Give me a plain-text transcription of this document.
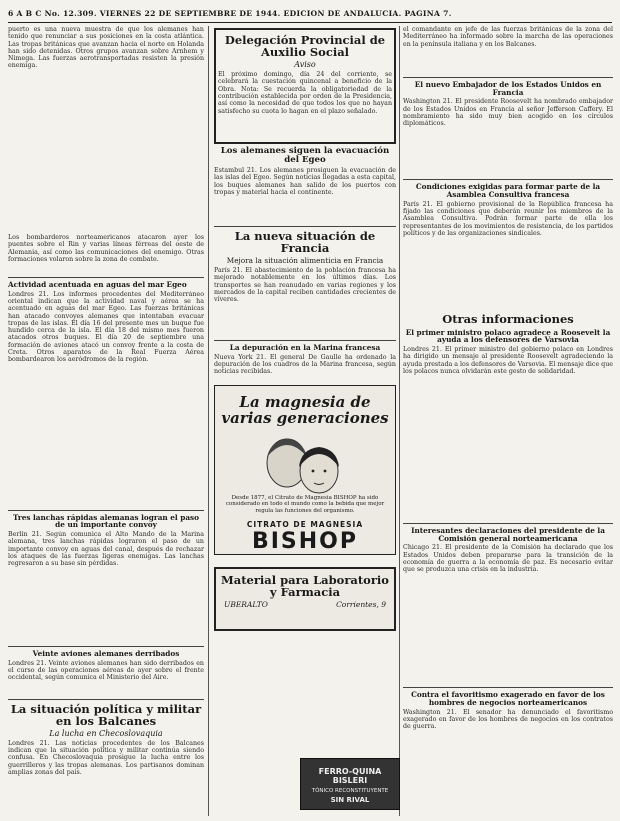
6 A B C No. 12.309. VIERNES 22 DE SEPTIEMBRE DE 1944. EDICION DE ANDALUCIA. PAGINA 7.

puerto es una nueva muestra de que los alemanes han tenido que renunciar a sus posiciones en la costa atlántica. Las tropas británicas que avanzan hacia el norte en Holanda han sido detenidas. Otros grupos avanzan sobre Arnhem y Nimega. Las fuerzas aerotransportadas resisten la presión enemiga.

Los bombarderos norteamericanos atacaron ayer los puentes sobre el Rin y varias líneas férreas del oeste de Alemania, así como las comunicaciones del enemigo. Otras formaciones volaron sobre la zona de combate.

Actividad acentuada en aguas del mar Egeo

Londres 21. Los informes procedentes del Mediterráneo oriental indican que la actividad naval y aérea se ha acentuado en aguas del mar Egeo. Las fuerzas británicas han atacado convoyes alemanes que intentaban evacuar tropas de las islas. El día 16 del presente mes un buque fue hundido cerca de la isla. El día 18 del mismo mes fueron atacados otros buques. El día 20 de septiembre una formación de aviones atacó un convoy frente a la costa de Creta. Otros aparatos de la Real Fuerza Aérea bombardearon los aeródromos de la región.

Tres lanchas rápidas alemanas logran el paso de un importante convoy

Berlín 21. Según comunica el Alto Mando de la Marina alemana, tres lanchas rápidas lograron el paso de un importante convoy en aguas del canal, después de rechazar los ataques de las fuerzas ligeras enemigas. Las lanchas regresaron a su base sin pérdidas.

Veinte aviones alemanes derribados

Londres 21. Veinte aviones alemanes han sido derribados en el curso de las operaciones aéreas de ayer sobre el frente occidental, según comunica el Ministerio del Aire.

La situación política y militar en los Balcanes
La lucha en Checoslovaquia

Londres 21. Las noticias procedentes de los Balcanes indican que la situación política y militar continúa siendo confusa. En Checoslovaquia prosigue la lucha entre los guerrilleros y las tropas alemanas. Los partisanos dominan amplias zonas del país.

Delegación Provincial de Auxilio Social
Aviso

El próximo domingo, día 24 del corriente, se celebrará la cuestación quincenal a beneficio de la Obra. Nota: Se recuerda la obligatoriedad de la contribución establecida por orden de la Presidencia, así como la necesidad de que todos los que no hayan satisfecho su cuota lo hagan en el plazo señalado.

Los alemanes siguen la evacuación del Egeo

Estambul 21. Los alemanes prosiguen la evacuación de las islas del Egeo. Según noticias llegadas a esta capital, los buques alemanes han salido de los puertos con tropas y material hacia el continente.

La nueva situación de Francia
Mejora la situación alimenticia en Francia

París 21. El abastecimiento de la población francesa ha mejorado notablemente en los últimos días. Los transportes se han reanudado en varias regiones y los mercados de la capital reciben cantidades crecientes de víveres.

La depuración en la Marina francesa

Nueva York 21. El general De Gaulle ha ordenado la depuración de los cuadros de la Marina francesa, según noticias recibidas.

La magnesia de varias generaciones
Desde 1877, el Citrato de Magnesia BISHOP ha sido considerado en todo el mundo como la bebida que mejor regula las funciones del organismo.
CITRATO DE MAGNESIA
BISHOP
Material para Laboratorio y Farmacia
UBERALTO	Corrientes, 9

el comandante en jefe de las fuerzas británicas de la zona del Mediterráneo ha informado sobre la marcha de las operaciones en la península italiana y en los Balcanes.

El nuevo Embajador de los Estados Unidos en Francia

Washington 21. El presidente Roosevelt ha nombrado embajador de los Estados Unidos en Francia al señor Jefferson Caffery. El nombramiento ha sido muy bien acogido en los círculos diplomáticos.

Condiciones exigidas para formar parte de la Asamblea Consultiva francesa

París 21. El gobierno provisional de la República francesa ha fijado las condiciones que deberán reunir los miembros de la Asamblea Consultiva. Podrán formar parte de ella los representantes de los movimientos de resistencia, de los partidos políticos y de las organizaciones sindicales.

Otras informaciones
El primer ministro polaco agradece a Roosevelt la ayuda a los defensores de Varsovia

Londres 21. El primer ministro del gobierno polaco en Londres ha dirigido un mensaje al presidente Roosevelt agradeciendo la ayuda prestada a los defensores de Varsovia. El mensaje dice que los polacos nunca olvidarán este gesto de solidaridad.

Interesantes declaraciones del presidente de la Comisión general norteamericana

Chicago 21. El presidente de la Comisión ha declarado que los Estados Unidos deben prepararse para la transición de la economía de guerra a la economía de paz. Es necesario evitar que se produzca una crisis en la industria.

Contra el favoritismo exagerado en favor de los hombres de negocios norteamericanos

Washington 21. El senador ha denunciado el favoritismo exagerado en favor de los hombres de negocios en los contratos de guerra.

FERRO-QUINA BISLERI
TÓNICO RECONSTITUYENTE
SIN RIVAL
